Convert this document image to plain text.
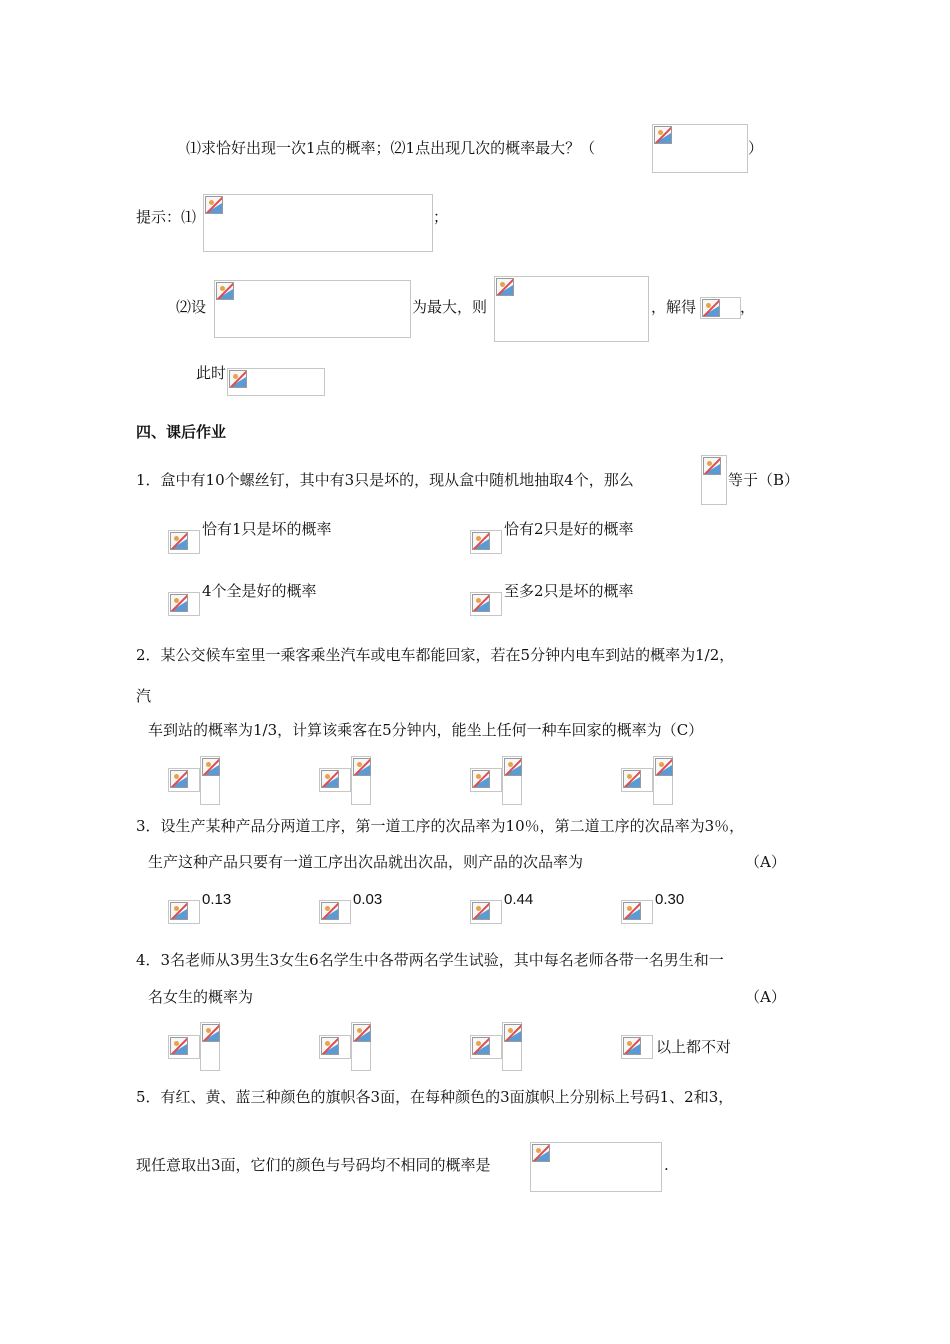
⑴求恰好出现一次1点的概率；⑵1点出现几次的概率最大？（	）
提示：⑴	；
⑵设	为最大，则	，解得	，
此时
四、课后作业
1．盒中有10个螺丝钉，其中有3只是坏的，现从盒中随机地抽取4个，那么	等于（B）
恰有1只是坏的概率	恰有2只是好的概率
4个全是好的概率	至多2只是坏的概率
2．某公交候车室里一乘客乘坐汽车或电车都能回家，若在5分钟内电车到站的概率为1/2，
汽
车到站的概率为1/3，计算该乘客在5分钟内，能坐上任何一种车回家的概率为（C）
3．设生产某种产品分两道工序，第一道工序的次品率为10％，第二道工序的次品率为3％，
生产这种产品只要有一道工序出次品就出次品，则产品的次品率为	（A）
0.13	0.03	0.44	0.30
4．3名老师从3男生3女生6名学生中各带两名学生试验，其中每名老师各带一名男生和一
名女生的概率为	（A）
以上都不对
5．有红、黄、蓝三种颜色的旗帜各3面，在每种颜色的3面旗帜上分别标上号码1、2和3，
现任意取出3面，它们的颜色与号码均不相同的概率是	.
